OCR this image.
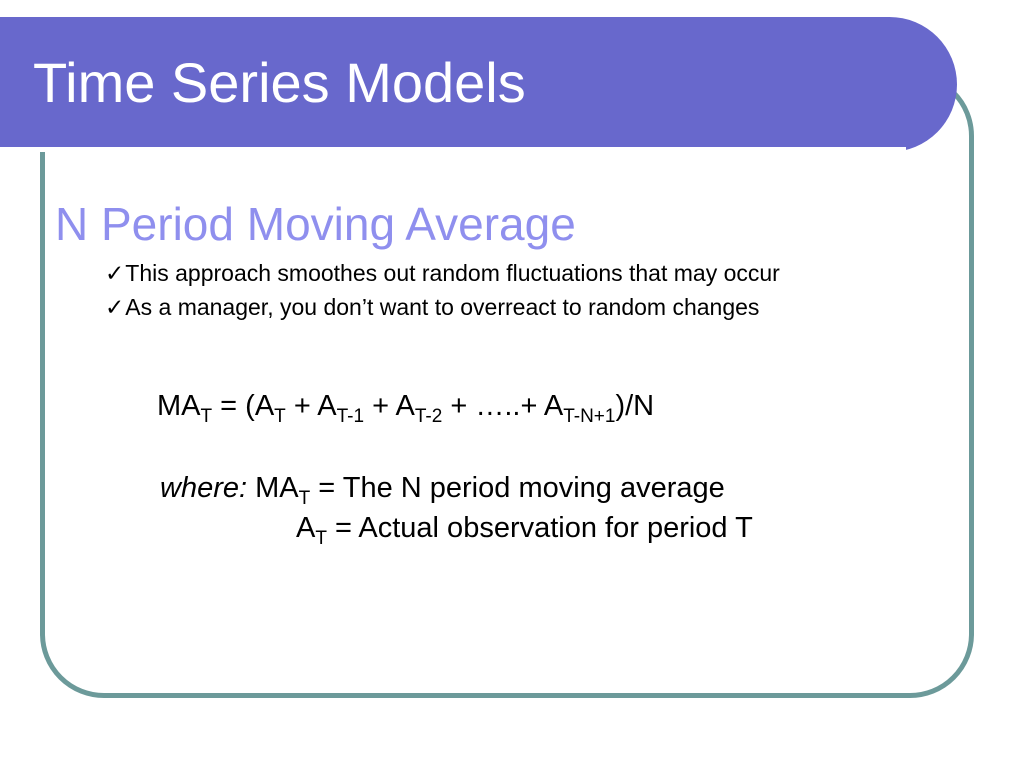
Time Series Models
N Period Moving Average
✓This approach smoothes out random fluctuations that may occur
✓As a manager, you don’t want to overreact to random changes
$MA_T = (A_T + A_{T-1} + A_{T-2}$ + …..+ $A_{T-N+1})/N$
where: $MA_T$ = The N period moving average
$A_T$ = Actual observation for period T
